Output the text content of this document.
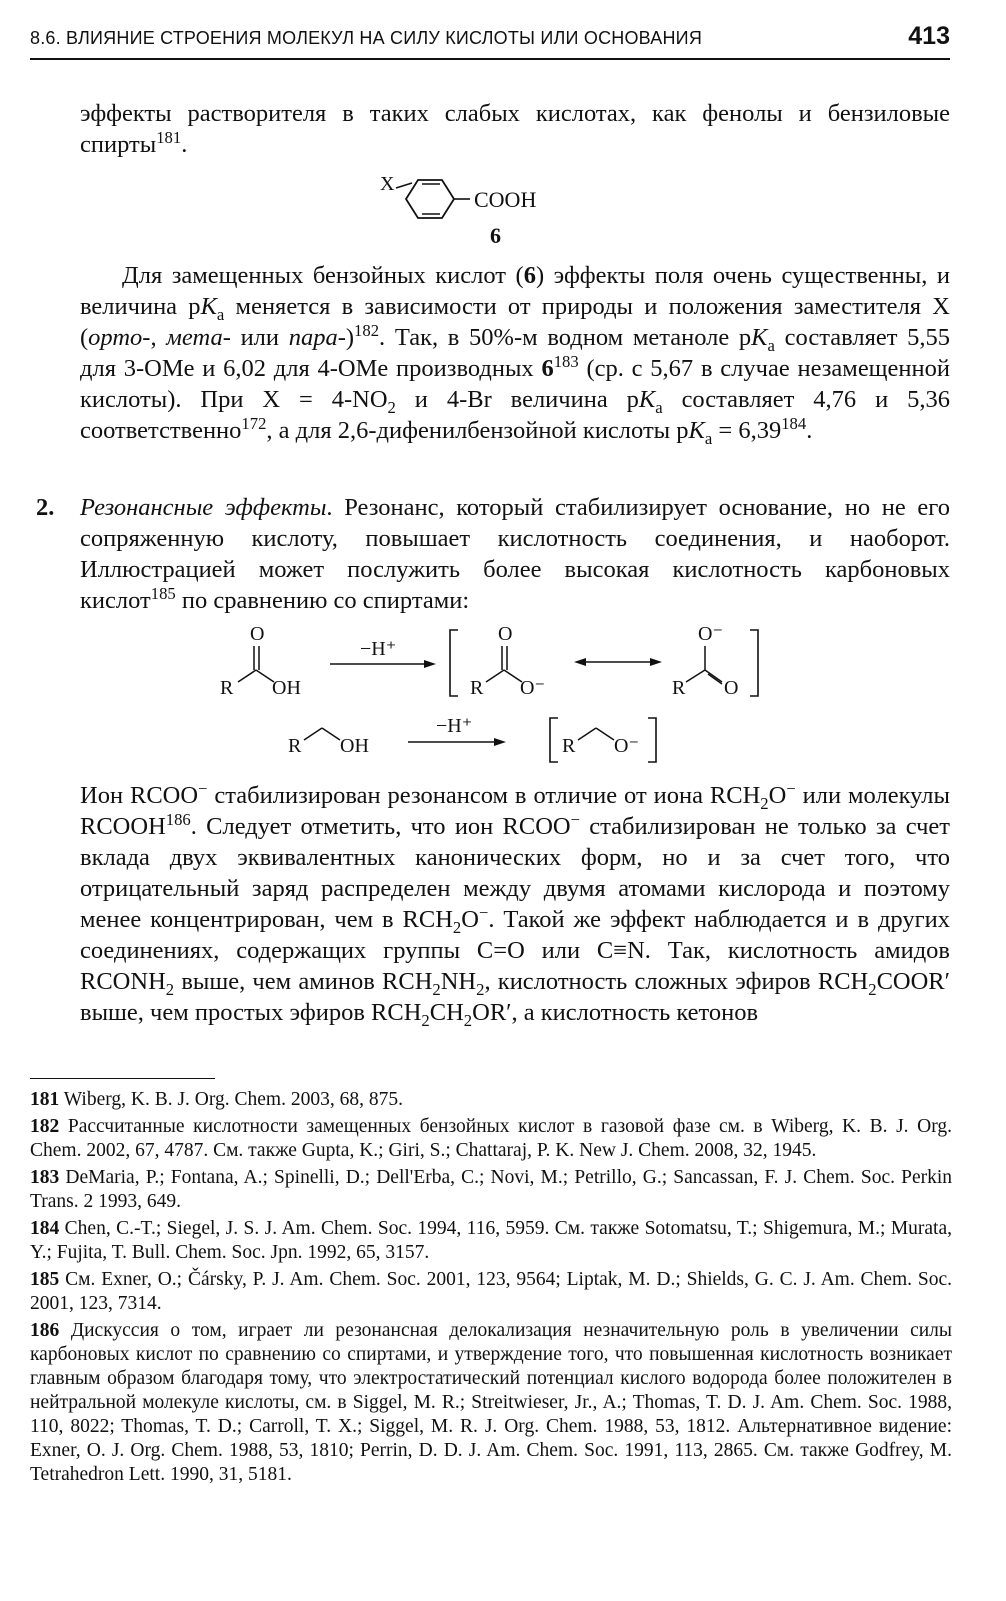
8.6. ВЛИЯНИЕ СТРОЕНИЯ МОЛЕКУЛ НА СИЛУ КИСЛОТЫ ИЛИ ОСНОВАНИЯ	413
эффекты растворителя в таких слабых кислотах, как фенолы и бензиловые спирты$^{181}$.
X
COOH
6
Для замещенных бензойных кислот (6) эффекты поля очень существенны, и величина $pK_a$ меняется в зависимости от природы и положения заместителя X (орто-, мета- или пара-)$^{182}$. Так, в 50%-м водном метаноле $pK_a$ составляет 5,55 для 3-OMe и 6,02 для 4-OMe производных $6^{183}$ (ср. с 5,67 в случае незамещенной кислоты). При $X = 4-NO_2$ и 4-Br величина $pK_a$ составляет 4,76 и 5,36 соответственно$^{172}$, а для 2,6-дифенилбензойной кислоты $pK_a = 6,39^{184}$.
2. Резонансные эффекты. Резонанс, который стабилизирует основание, но не его сопряженную кислоту, повышает кислотность соединения, и наоборот. Иллюстрацией может послужить более высокая кислотность карбоновых кислот$^{185}$ по сравнению со спиртами:
O
R OH
−H⁺
O
R O⁻
O⁻
R O
R OH
−H⁺
R O⁻
Ион RCOO− стабилизирован резонансом в отличие от иона $RCH_2O^-$ или молекулы RCOOH$^{186}$. Следует отметить, что ион RCOO− стабилизирован не только за счет вклада двух эквивалентных канонических форм, но и за счет того, что отрицательный заряд распределен между двумя атомами кислорода и поэтому менее концентрирован, чем в $RCH_2O^-$. Такой же эффект наблюдается и в других соединениях, содержащих группы C=O или C≡N. Так, кислотность амидов $RCONH_2$ выше, чем аминов $RCH_2NH_2$, кислотность сложных эфиров $RCH_2COOR'$ выше, чем простых эфиров $RCH_2CH_2OR'$, а кислотность кетонов

181 Wiberg, K. B. J. Org. Chem. 2003, 68, 875.

182 Рассчитанные кислотности замещенных бензойных кислот в газовой фазе см. в Wiberg, K. B. J. Org. Chem. 2002, 67, 4787. См. также Gupta, K.; Giri, S.; Chattaraj, P. K. New J. Chem. 2008, 32, 1945.

183 DeMaria, P.; Fontana, A.; Spinelli, D.; Dell'Erba, C.; Novi, M.; Petrillo, G.; Sancassan, F. J. Chem. Soc. Perkin Trans. 2 1993, 649.

184 Chen, C.-T.; Siegel, J. S. J. Am. Chem. Soc. 1994, 116, 5959. См. также Sotomatsu, T.; Shigemura, M.; Murata, Y.; Fujita, T. Bull. Chem. Soc. Jpn. 1992, 65, 3157.

185 См. Exner, O.; Čársky, P. J. Am. Chem. Soc. 2001, 123, 9564; Liptak, M. D.; Shields, G. C. J. Am. Chem. Soc. 2001, 123, 7314.

186 Дискуссия о том, играет ли резонансная делокализация незначительную роль в увеличении силы карбоновых кислот по сравнению со спиртами, и утверждение того, что повышенная кислотность возникает главным образом благодаря тому, что электростатический потенциал кислого водорода более положителен в нейтральной молекуле кислоты, см. в Siggel, M. R.; Streitwieser, Jr., A.; Thomas, T. D. J. Am. Chem. Soc. 1988, 110, 8022; Thomas, T. D.; Carroll, T. X.; Siggel, M. R. J. Org. Chem. 1988, 53, 1812. Альтернативное видение: Exner, O. J. Org. Chem. 1988, 53, 1810; Perrin, D. D. J. Am. Chem. Soc. 1991, 113, 2865. См. также Godfrey, M. Tetrahedron Lett. 1990, 31, 5181.
